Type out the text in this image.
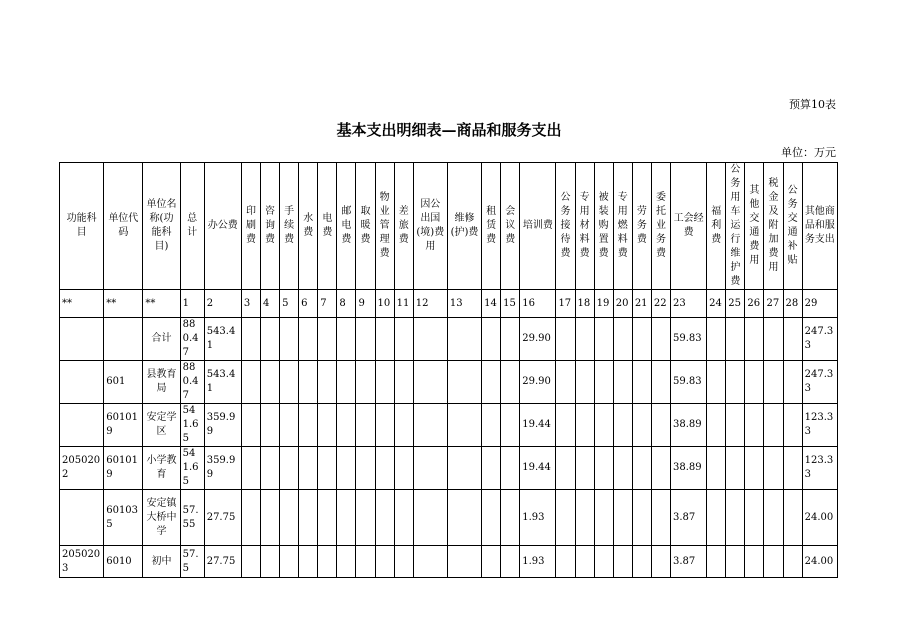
预算10表
基本支出明细表—商品和服务支出
单位：万元
功能科目	单位代码	单位名称(功能科目)	总计	办公费	印刷费	咨询费	手续费	水费	电费	邮电费	取暖费	物业管理费	差旅费	因公出国(境)费用	维修(护)费	租赁费	会议费	培训费	公务接待费	专用材料费	被装购置费	专用燃料费	劳务费	委托业务费	工会经费	福利费	公务用车运行维护费	其他交通费用	税金及附加费用	公务交通补贴	其他商品和服务支出

**	**	**	1	2	3	4	5	6	7	8	9	10	11	12	13	14	15	16	17	18	19	20	21	22	23	24	25	26	27	28	29
		合计	880.47	543.41														29.90							59.83						247.33
	601	县教育局	880.47	543.41														29.90							59.83						247.33
	601019	安定学区	541.65	359.99														19.44							38.89						123.33
2050202	601019	小学教育	541.65	359.99														19.44							38.89						123.33
	601035	安定镇大桥中学	57.55	27.75														1.93							3.87						24.00
2050203	6010	初中	57.5	27.75														1.93							3.87						24.00
